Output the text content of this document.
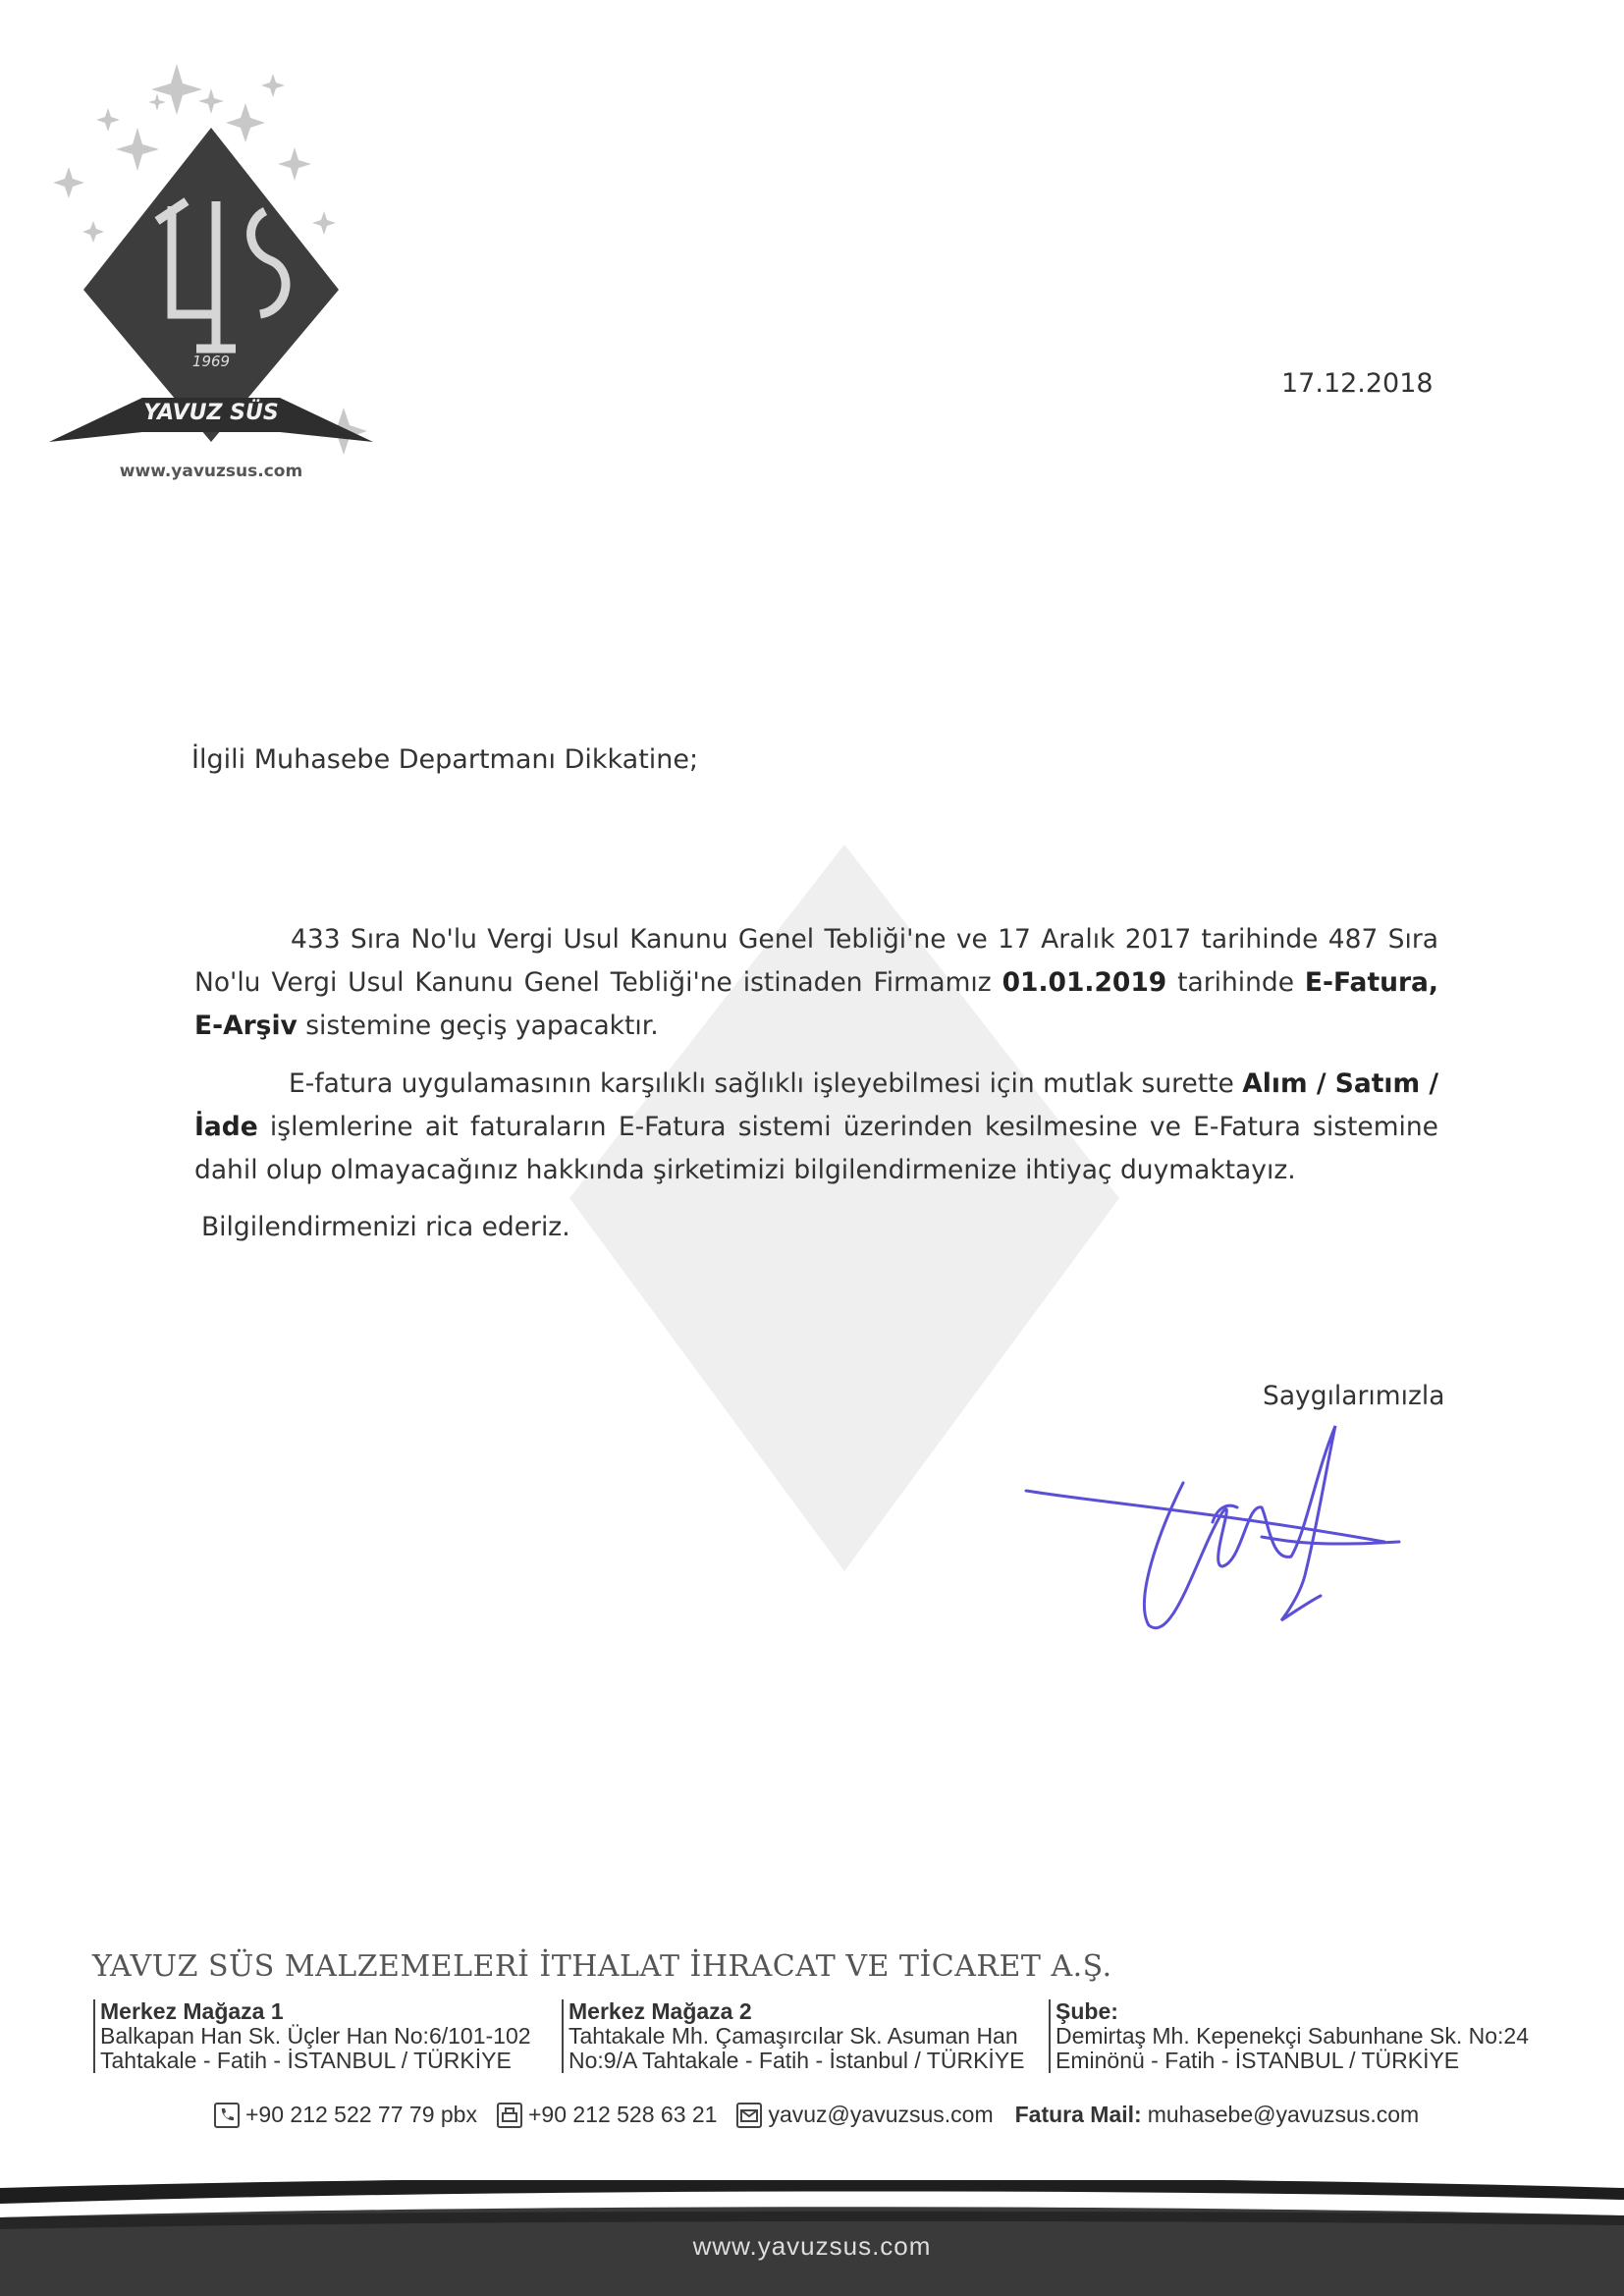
1969
YAVUZ SÜS
www.yavuzsus.com
17.12.2018
İlgili Muhasebe Departmanı Dikkatine;
433 Sıra No'lu Vergi Usul Kanunu Genel Tebliği'ne ve 17 Aralık 2017 tarihinde 487 Sıra No'lu Vergi Usul Kanunu Genel Tebliği'ne istinaden Firmamız 01.01.2019 tarihinde E-Fatura, E-Arşiv sistemine geçiş yapacaktır.
E-fatura uygulamasının karşılıklı sağlıklı işleyebilmesi için mutlak surette Alım / Satım / İade işlemlerine ait faturaların E-Fatura sistemi üzerinden kesilmesine ve E-Fatura sistemine dahil olup olmayacağınız hakkında şirketimizi bilgilendirmenize ihtiyaç duymaktayız.
Bilgilendirmenizi rica ederiz.
Saygılarımızla
YAVUZ SÜS MALZEMELERİ İTHALAT İHRACAT VE TİCARET A.Ş.
Merkez Mağaza 1
Balkapan Han Sk. Üçler Han No:6/101-102
Tahtakale - Fatih - İSTANBUL / TÜRKİYE
Merkez Mağaza 2
Tahtakale Mh. Çamaşırcılar Sk. Asuman Han
No:9/A Tahtakale - Fatih - İstanbul / TÜRKİYE
Şube:
Demirtaş Mh. Kepenekçi Sabunhane Sk. No:24
Eminönü - Fatih - İSTANBUL / TÜRKİYE
+90 212 522 77 79 pbx +90 212 528 63 21 yavuz@yavuzsus.com Fatura Mail: muhasebe@yavuzsus.com
www.yavuzsus.com
